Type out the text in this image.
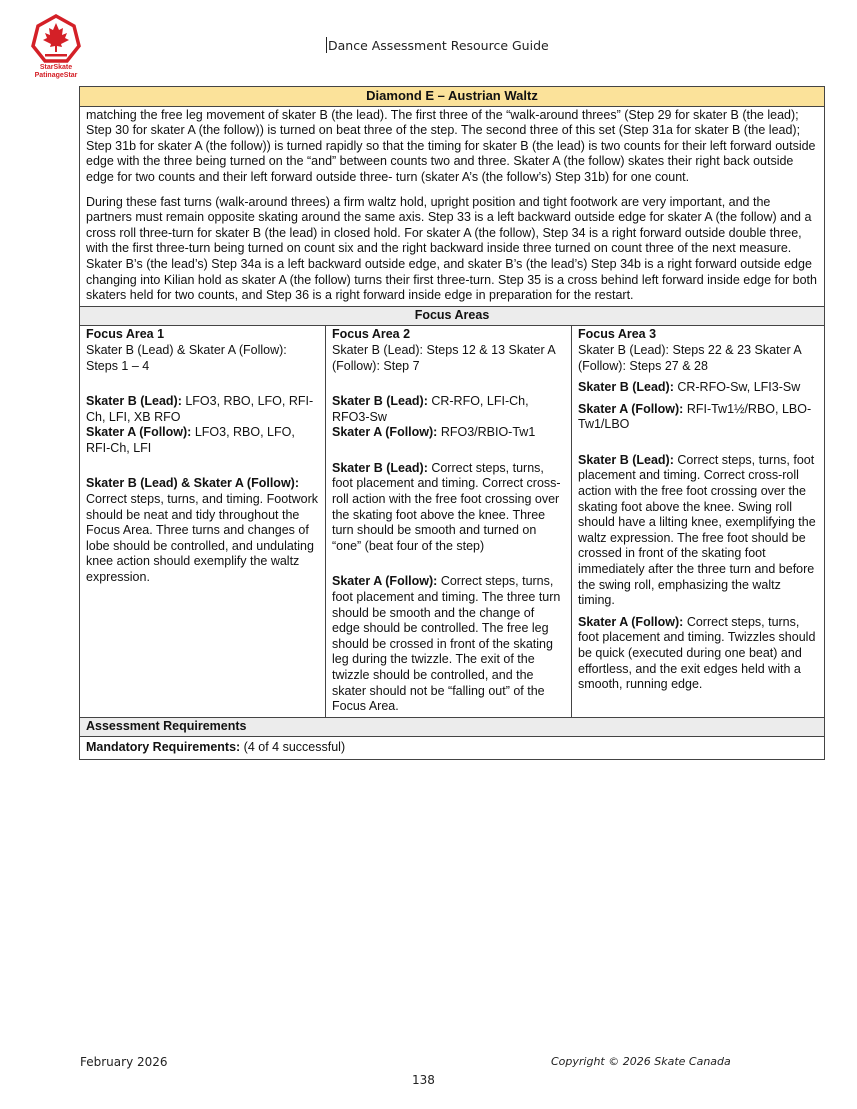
StarSkate
PatinageStar
Dance Assessment Resource Guide
Diamond E – Austrian Waltz

matching the free leg movement of skater B (the lead). The first three of the “walk-around threes” (Step 29 for skater B (the lead); Step 30 for skater A (the follow)) is turned on beat three of the step. The second three of this set (Step 31a for skater B (the lead); Step 31b for skater A (the follow)) is turned rapidly so that the timing for skater B (the lead) is two counts for their left forward outside edge with the three being turned on the “and” between counts two and three. Skater A (the follow) skates their right back outside edge for two counts and their left forward outside three- turn (skater A’s (the follow’s) Step 31b) for one count.

During these fast turns (walk-around threes) a firm waltz hold, upright position and tight footwork are very important, and the partners must remain opposite skating around the same axis. Step 33 is a left backward outside edge for skater A (the follow) and a cross roll three-turn for skater B (the lead) in closed hold. For skater A (the follow), Step 34 is a right forward outside double three, with the first three-turn being turned on count six and the right backward inside three turned on count three of the next measure. Skater B’s (the lead’s) Step 34a is a left backward outside edge, and skater B’s (the lead’s) Step 34b is a right forward outside edge changing into Kilian hold as skater A (the follow) turns their first three-turn. Step 35 is a cross behind left forward inside edge for both skaters held for two counts, and Step 36 is a right forward inside edge in preparation for the restart.

Focus Areas

Focus Area 1
Skater B (Lead) & Skater A (Follow): Steps 1 – 4
Skater B (Lead): LFO3, RBO, LFO, RFI-Ch, LFI, XB RFO
Skater A (Follow): LFO3, RBO, LFO, RFI-Ch, LFI
Skater B (Lead) & Skater A (Follow): Correct steps, turns, and timing. Footwork should be neat and tidy throughout the Focus Area. Three turns and changes of lobe should be controlled, and undulating knee action should exemplify the waltz expression.

Focus Area 2
Skater B (Lead): Steps 12 & 13 Skater A (Follow): Step 7
Skater B (Lead): CR-RFO, LFI-Ch, RFO3-Sw
Skater A (Follow): RFO3/RBIO-Tw1
Skater B (Lead): Correct steps, turns, foot placement and timing. Correct cross-roll action with the free foot crossing over the skating foot above the knee. Three turn should be smooth and turned on “one” (beat four of the step)
Skater A (Follow): Correct steps, turns, foot placement and timing. The three turn should be smooth and the change of edge should be controlled. The free leg should be crossed in front of the skating leg during the twizzle. The exit of the twizzle should be controlled, and the skater should not be “falling out” of the Focus Area.

Focus Area 3
Skater B (Lead): Steps 22 & 23 Skater A (Follow): Steps 27 & 28
Skater B (Lead): CR-RFO-Sw, LFI3-Sw
Skater A (Follow): RFI-Tw1½/RBO, LBO-Tw1/LBO
Skater B (Lead): Correct steps, turns, foot placement and timing. Correct cross-roll action with the free foot crossing over the skating foot above the knee. Swing roll should have a lilting knee, exemplifying the waltz expression. The free foot should be crossed in front of the skating foot immediately after the three turn and before the swing roll, emphasizing the waltz timing.
Skater A (Follow): Correct steps, turns, foot placement and timing. Twizzles should be quick (executed during one beat) and effortless, and the exit edges held with a smooth, running edge.

Assessment Requirements
Mandatory Requirements: (4 of 4 successful)
February 2026	Copyright © 2026 Skate Canada
138
